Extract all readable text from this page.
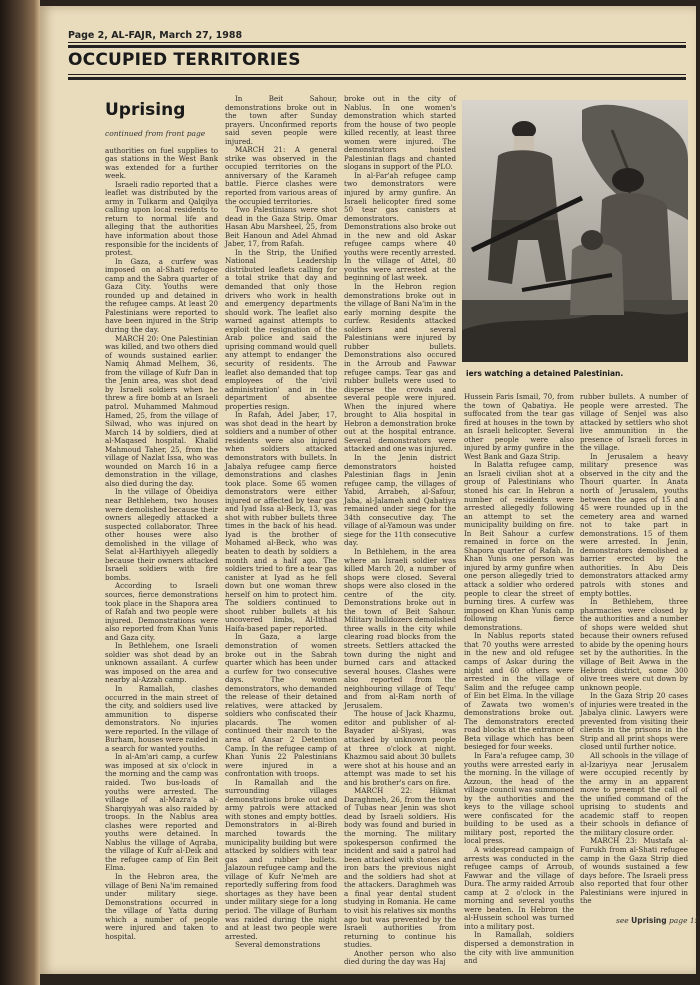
Page 2, AL-FAJR, March 27, 1988
OCCUPIED TERRITORIES
Uprising
continued from front page

authorities on fuel supplies to gas stations in the West Bank was extended for a further week.

Israeli radio reported that a leaflet was distributed by the army in Tulkarm and Qalqilya calling upon local residents to return to normal life and alleging that the authorities have information about those responsible for the incidents of protest.

In Gaza, a curfew was imposed on al-Shati refugee camp and the Sabra quarter of Gaza City. Youths were rounded up and detained in the refugee camps. At least 20 Palestinians were reported to have been injured in the Strip during the day.

MARCH 20: One Palestinian was killed, and two others died of wounds sustained earlier. Namiq Ahmad Melhem, 36, from the village of Kufr Dan in the Jenin area, was shot dead by Israeli soldiers when he threw a fire bomb at an Israeli patrol. Muhammed Mahmoud Hamed, 25, from the village of Silwad, who was injured on March 14 by soldiers, died at al-Maqased hospital. Khalid Mahmoud Taher, 25, from the village of Nazlat Issa, who was wounded on March 16 in a demonstration in the village, also died during the day.

In the village of Obeidiya near Bethlehem, two houses were demolished because their owners allegedly attacked a suspected collaborator. Three other houses were also demolished in the village of Selat al-Harthiyyeh allegedly because their owners attacked Israeli soldiers with fire bombs.

According to Israeli sources, fierce demonstrations took place in the Shapora area of Rafah and two people were injured. Demonstrations were also reported from Khan Yunis and Gaza city.

In Bethlehem, one Israeli soldier was shot dead by an unknown assailant. A curfew was imposed on the area and nearby al-Azzah camp.

In Ramallah, clashes occurred in the main street of the city, and soldiers used live ammunition to disperse demonstrators. No injuries were reported. In the village of Burham, houses were raided in a search for wanted youths.

In al-Am'ari camp, a curfew was imposed at six o'clock in the morning and the camp was raided. Two bus-loads of youths were arrested. The village of al-Mazra'a al-Sharqiyyah was also raided by troops. In the Nablus area clashes were reported and youths were detained. In Nablus the village of Aqraba, the village of Kufr al-Deik and the refugee camp of Ein Beit Elma.

In the Hebron area, the village of Beni Na'im remained under military siege. Demonstrations occurred in the village of Yatta during which a number of people were injured and taken to hospital.

In Beit Sahour, demonstrations broke out in the town after Sunday prayers. Unconfirmed reports said seven people were injured.

MARCH 21: A general strike was observed in the occupied territories on the anniversary of the Karameh battle. Fierce clashes were reported from various areas of the occupied territories.

Two Palestinians were shot dead in the Gaza Strip. Omar Hasan Abu Marsheel, 25, from Beit Hanoun and Adel Ahmad Jaber, 17, from Rafah.

In the Strip, the Unified National Leadership distributed leaflets calling for a total strike that day and demanded that only those drivers who work in health and emergency departments should work. The leaflet also warned against attempts to exploit the resignation of the Arab police and said the uprising command would quell any attempt to endanger the security of residents. The leaflet also demanded that top employees of the 'civil administration' and in the department of absentee properties resign.

In Rafah, Adel Jaber, 17, was shot dead in the heart by soldiers and a number of other residents were also injured when soldiers attacked demonstrators with bullets. In Jabalya refugee camp fierce demonstrations and clashes took place. Some 65 women demonstrators were either injured or affected by tear gas and Iyad Issa al-Beck, 13, was shot with rubber bullets three times in the back of his head. Iyad is the brother of Mohamed al-Beck, who was beaten to death by soldiers a month and a half ago. The soldiers tried to fire a tear gas canister at Iyad as he fell down but one woman threw herself on him to protect him. The soldiers continued to shoot rubber bullets at his uncovered limbs, Al-Itthad Haifa-based paper reported.

In Gaza, a large demonstration of women broke out in the Sabrah quarter which has been under a curfew for two consecutive days. The women demonstrators, who demanded the release of their detained relatives, were attacked by soldiers who confiscated their placards. The women continued their march to the area of Ansar 2 Detention Camp. In the refugee camp of Khan Yunis 22 Palestinians were injured in a confrontation with troops.

In Ramallah and the surrounding villages demonstrations broke out and army patrols were attacked with stones and empty bottles. Demonstrators in al-Bireh marched towards the municipality building but were attacked by soldiers with tear gas and rubber bullets. Jalazoun refugee camp and the village of Kufr Ne'meh are reportedly suffering from food shortages as they have been under military siege for a long period. The village of Burham was raided during the night and at least two people were arrested.

Several demonstrations

broke out in the city of Nablus. In one women's demonstration which started from the house of two people killed recently, at least three women were injured. The demonstrators hoisted Palestinian flags and chanted slogans in support of the PLO.

In al-Far'ah refugee camp two demonstrators were injured by army gunfire. An Israeli helicopter fired some 50 tear gas canisters at demonstrators. Demonstrations also broke out in the new and old Askar refugee camps where 40 youths were recently arrested. In the village of Attel, 80 youths were arrested at the beginning of last week.

In the Hebron region demonstrations broke out in the village of Bani Na'im in the early morning despite the curfew. Residents attacked soldiers and several Palestinians were injured by rubber bullets. Demonstrations also occured in the Arroub and Fawwar refugee camps. Tear gas and rubber bullets were used to disperse the crowds and several people were injured. When the injured where brought to Alia hospital in Hebron a demonstration broke out at the hospital entrance. Several demonstrators were attacked and one was injured.

In the Jenin district demonstrators hoisted Palestinian flags in Jenin refugee camp, the villages of Yabid, Arrabeh, al-Safour, Jaba, al-Jalameh and Qabatiya remained under siege for the 34th consecutive day. The village of al-Yamoun was under siege for the 11th consecutive day.

In Bethlehem, in the area where an Israeli soldier was killed March 20, a number of shops were closed. Several shops were also closed in the centre of the city. Demonstrations broke out in the town of Beit Sahour. Military bulldozers demolished three walls in the city while clearing road blocks from the streets. Settlers attacked the town during the night and burned cars and attacked several houses. Clashes were also reported from the neighbouring village of Tequ' and from al-Ram north of Jerusalem.

The house of Jack Khazmu, editor and publisher of al-Bayader al-Siyasi, was attacked by unknown people at three o'clock at night. Khazmou said about 30 bullets were shot at his house and an attempt was made to set his and his brother's cars on fire.

MARCH 22: Hikmat Daraghmeh, 26, from the town of Tubas near Jenin was shot dead by Israeli soldiers. His body was found and buried in the morning. The military spokesperson confirmed the incident and said a patrol had been attacked with stones and iron bars the previous night and the soldiers had shot at the attackers. Daraghmeh was a final year dental student studying in Romania. He came to visit his relatives six months ago but was prevented by the Israeli authorities from returning to continue his studies.

Another person who also died during the day was Haj

iers watching a detained Palestinian.

Hussein Faris Ismail, 70, from the town of Qabatiya. He suffocated from the tear gas fired at houses in the town by an Israeli helicopter. Several other people were also injured by army gunfire in the West Bank and Gaza Strip.

In Balatta refugee camp, an Israeli civilian shot at a group of Palestinians who stoned his car. In Hebron a number of residents were arrested allegedly following an attempt to set the municipality building on fire. In Beit Sahour a curfew remained in force on the Shapora quarter of Rafah. In Khan Yunis one person was injured by army gunfire when one person allegedly tried to attack a soldier who ordered people to clear the street of burning tires. A curfew was imposed on Khan Yunis camp following fierce demonstrations.

In Nablus reports stated that 70 youths were arrested in the new and old refugee camps of Askar during the night and 60 others were arrested in the village of Salim and the refugee camp of Ein bet Elma. In the village of Zawata two women's demonstrations broke out. The demonstrators erected road blocks at the entrance of Beta village which has been besieged for four weeks.

In Fara'a refugee camp, 30 youths were arrested early in the morning. In the village of Azzoun, the head of the village council was summoned by the authorities and the keys to the village school were confiscated for the building to be used as a military post, reported the local press.

A widespread campaign of arrests was conducted in the refugee camps of Arroub, Fawwar and the village of Dura. The army raided Arroub camp at 2 o'clock in the morning and several youths were beaten. In Hebron the al-Hussein school was turned into a military post.

In Ramallah, soldiers dispersed a demonstration in the city with live ammunition and

rubber bullets. A number of people were arrested. The village of Senjel was also attacked by settlers who shot live ammunition in the presence of Israeli forces in the village.

In Jerusalem a heavy military presence was observed in the city and the Thouri quarter. In Anata north of Jerusalem, youths between the ages of 15 and 45 were rounded up in the cemetery area and warned not to take part in demonstrations. 15 of them were arrested. In Jenin, demonstrators demolished a barrier erected by the authorities. In Abu Deis demonstrators attacked army patrols with stones and empty bottles.

In Bethlehem, three pharmacies were closed by the authorities and a number of shops were welded shut because their owners refused to abide by the opening hours set by the authorities. In the village of Beit Awwa in the Hebron district, some 300 olive trees were cut down by unknown people.

In the Gaza Strip 20 cases of injuries were treated in the Jabalya clinic. Lawyers were prevented from visiting their clients in the prisons in the Strip and all print shops were closed until further notice.

All schools in the village of al-Izariyya near Jerusalem were occupied recently by the army in an apparent move to preempt the call of the unified command of the uprising to students and academic staff to reopen their schools in defiance of the military closure order.

MARCH 23: Mustafa al-Furukh from al-Shati refugee camp in the Gaza Strip died of wounds sustained a few days before. The Israeli press also reported that four other Palestinians were injured in the

see Uprising page 15
